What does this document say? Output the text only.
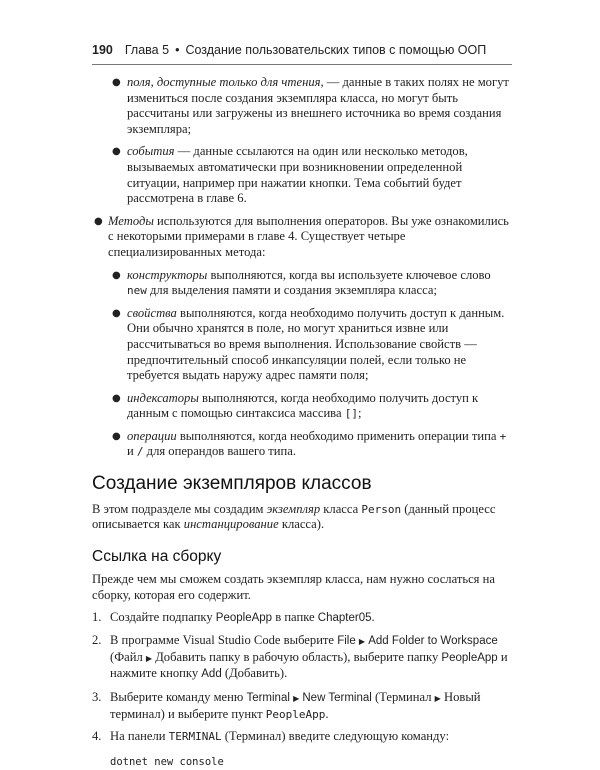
190 Глава 5 • Создание пользовательских типов с помощью ООП
● поля, доступные только для чтения, — данные в таких полях не могут измениться после создания экземпляра класса, но могут быть рассчитаны или загружены из внешнего источника во время создания экземпляра;
● события — данные ссылаются на один или несколько методов, вызываемых автоматически при возникновении определенной ситуации, например при нажатии кнопки. Тема событий будет рассмотрена в главе 6.
● Методы используются для выполнения операторов. Вы уже ознакомились с некоторыми примерами в главе 4. Существует четыре специализированных метода:
● конструкторы выполняются, когда вы используете ключевое слово new для выделения памяти и создания экземпляра класса;
● свойства выполняются, когда необходимо получить доступ к данным. Они обычно хранятся в поле, но могут храниться извне или рассчитываться во время выполнения. Использование свойств — предпочтительный способ инкапсуляции полей, если только не требуется выдать наружу адрес памяти поля;
● индексаторы выполняются, когда необходимо получить доступ к данным с помощью синтаксиса массива [];
● операции выполняются, когда необходимо применить операции типа + и / для операндов вашего типа.
Создание экземпляров классов

В этом подразделе мы создадим экземпляр класса Person (данный процесс описывается как инстанцирование класса).

Ссылка на сборку

Прежде чем мы сможем создать экземпляр класса, нам нужно сослаться на сборку, которая его содержит.

1. Создайте подпапку PeopleApp в папке Chapter05.
2. В программе Visual Studio Code выберите File ▶ Add Folder to Workspace (Файл ▶ Добавить папку в рабочую область), выберите папку PeopleApp и нажмите кнопку Add (Добавить).
3. Выберите команду меню Terminal ▶ New Terminal (Терминал ▶ Новый терминал) и выберите пункт PeopleApp.
4. На панели TERMINAL (Терминал) введите следующую команду:
dotnet new console
